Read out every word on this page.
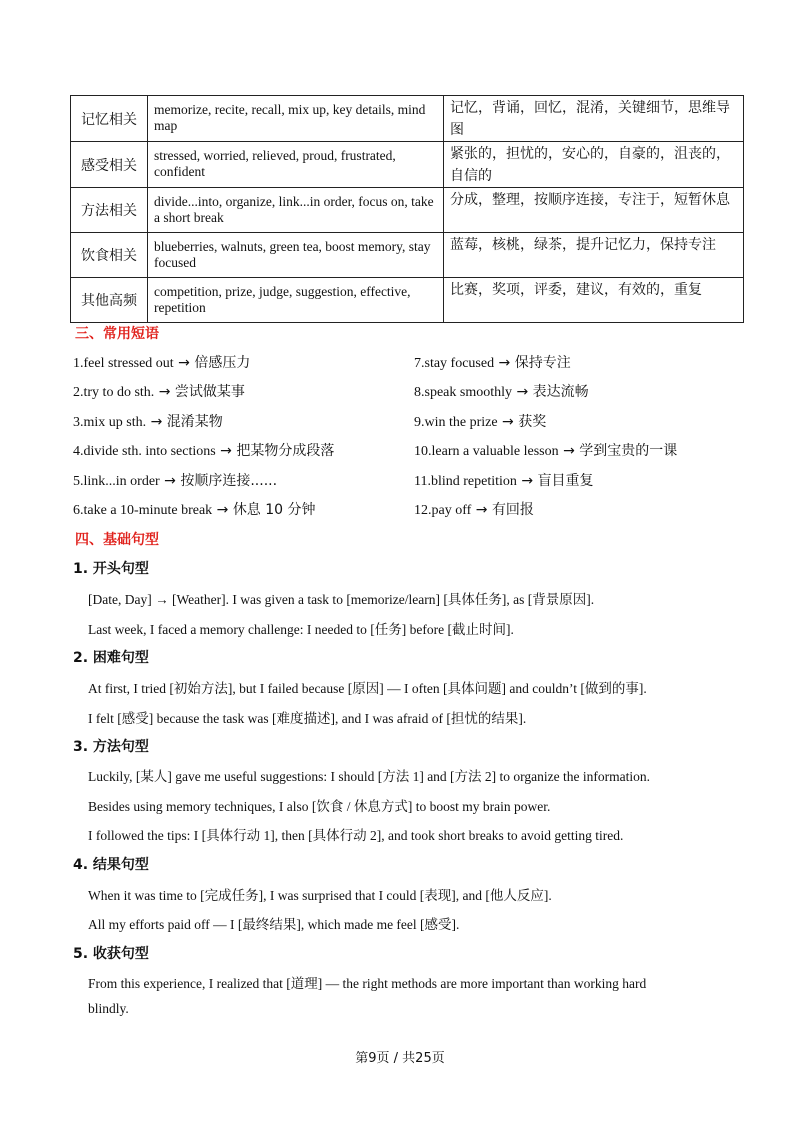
记忆相关	memorize, recite, recall, mix up, key details, mind map	记忆，背诵，回忆，混淆，关键细节，思维导图
感受相关	stressed, worried, relieved, proud, frustrated, confident	紧张的，担忧的，安心的，自豪的，沮丧的，自信的
方法相关	divide...into, organize, link...in order, focus on, take a short break	分成，整理，按顺序连接，专注于，短暂休息
饮食相关	blueberries, walnuts, green tea, boost memory, stay focused	蓝莓，核桃，绿茶，提升记忆力，保持专注
其他高频	competition, prize, judge, suggestion, effective, repetition	比赛，奖项，评委，建议，有效的，重复
三、常用短语
1.feel stressed out → 倍感压力
2.try to do sth. → 尝试做某事
3.mix up sth. → 混淆某物
4.divide sth. into sections → 把某物分成段落
5.link...in order → 按顺序连接......
6.take a 10-minute break → 休息 10 分钟
7.stay focused → 保持专注
8.speak smoothly → 表达流畅
9.win the prize → 获奖
10.learn a valuable lesson → 学到宝贵的一课
11.blind repetition → 盲目重复
12.pay off → 有回报
四、基础句型
1. 开头句型
[Date, Day] → [Weather]. I was given a task to [memorize/learn] [具体任务], as [背景原因].
Last week, I faced a memory challenge: I needed to [任务] before [截止时间].
2. 困难句型
At first, I tried [初始方法], but I failed because [原因] — I often [具体问题] and couldn’t [做到的事].
I felt [感受] because the task was [难度描述], and I was afraid of [担忧的结果].
3. 方法句型
Luckily, [某人] gave me useful suggestions: I should [方法 1] and [方法 2] to organize the information.
Besides using memory techniques, I also [饮食 / 休息方式] to boost my brain power.
I followed the tips: I [具体行动 1], then [具体行动 2], and took short breaks to avoid getting tired.
4. 结果句型
When it was time to [完成任务], I was surprised that I could [表现], and [他人反应].
All my efforts paid off — I [最终结果], which made me feel [感受].
5. 收获句型
From this experience, I realized that [道理] — the right methods are more important than working hard
blindly.
第9页 / 共25页
